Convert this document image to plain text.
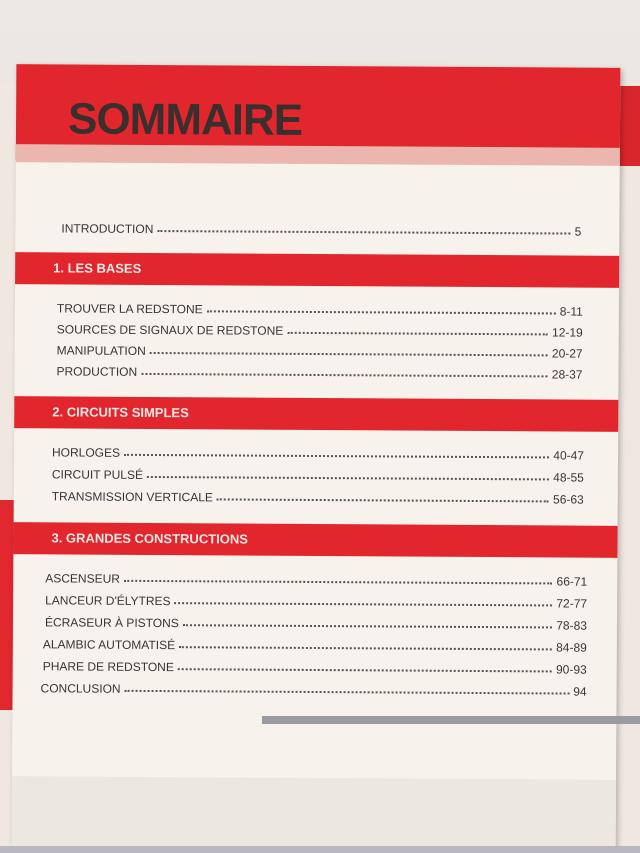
SOMMAIRE
INTRODUCTION	5
1. LES BASES
TROUVER LA REDSTONE	8-11
SOURCES DE SIGNAUX DE REDSTONE	12-19
MANIPULATION	20-27
PRODUCTION	28-37
2. CIRCUITS SIMPLES
HORLOGES	40-47
CIRCUIT PULSÉ	48-55
TRANSMISSION VERTICALE	56-63
3. GRANDES CONSTRUCTIONS
ASCENSEUR	66-71
LANCEUR D'ÉLYTRES	72-77
ÉCRASEUR À PISTONS	78-83
ALAMBIC AUTOMATISÉ	84-89
PHARE DE REDSTONE	90-93
CONCLUSION	94
